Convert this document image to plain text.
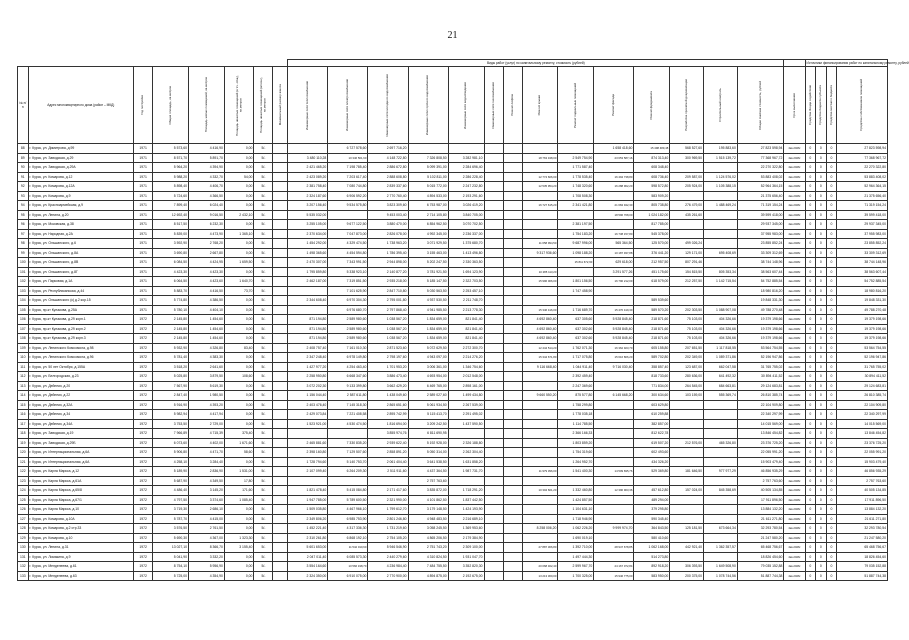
21
								Виды работ (услуг) по капитальному ремонту, стоимость (рублей)															Источники финансирования работ по капитальному ремонту, рублей			
№ п/п	Адрес многоквартирного дома (район – МКД)	Год постройки	Общая площадь, кв.метров	Площадь жилых помещений, кв.метров	Площадь нежилых помещений (в т.ч. общ.), кв.метров	Площадь нежилых помещений (вспом.), кв.метров	Минимальный размер взноса	Инженерные сети теплоснабжения	Инженерные сети электроснабжения	Инженерные сети холодного водоснабжения	Инженерные сети горячего водоснабжения	Инженерные сети водоотведения	Инженерные сети газоснабжения	Ремонт лифтов	Ремонт крыши	Ремонт подвальных помещений	Ремонт фасада	Ремонт фундамента	Разработка проектной документации	Строительный контроль	Общая сметная стоимость, рублей	Срок выполнения	Средства Фонда содействия	Средства бюджета субъекта	Средства местного бюджета	Средства собственников помещений

88	г. Курск, ул. Димитрова, д.99	1971	5 573,60	4 416,90	0,00	5/-			6 727 578,60	2 697 716,20							1 658 418,60	15 498 489,48	568 527,60	195 883,60	27 823 598,94	4кв.2026г	0	0	0	27 823 598,94
89	г. Курск, ул. Заводская, д.29	1971	8 571,70	5 891,70	0,00	5/-		3 480 110,28	10 346 561,60	4 148 722,80	7 326 808,50	3 282 981,10			18 763 438,00	2 549 754,90	23 653 587,16	874 313,40	300 969,50	1 515 139,72	77 368 967,72	4кв.2026г	0	0	0	77 368 967,72
90	г. Курск, ул. Заводская, д.29А	1971	5 964,20	4 394,90	0,00	5/-		2 421 465,20	7 198 785,40	2 886 672,80	5 099 391,00	2 284 696,40				1 771 587,40		608 348,40			22 270 322,80	4кв.2026г	0	0	0	22 270 322,80
91	г. Курск, ул. Комарова, д.12	1971	5 988,20	4 332,70	54,00	5/-		2 423 089,20	7 203 617,40	2 888 608,80	5 102 811,00	2 286 228,40			12 774 606,00	1 778 535,40	16 494 738,80	608 736,40	209 587,00	1 124 576,02	53 883 408,02	4кв.2026г	0	0	0	53 883 408,02
92	г. Курск, ул. Комарова, д.12А	1971	5 898,40	4 406,70	0,00	5/-		2 381 758,40	7 080 744,80	2 839 337,60	5 015 772,00	2 247 232,80			12 535 954,20	1 748 320,60	16 288 962,20	598 572,80	205 924,00	1 105 388,15	52 964 364,15	4кв.2026г	0	0	0	52 964 364,15
93	г. Курск, ул. Комарова, д.9	1971	5 724,60	4 366,50	0,00	5/-		2 324 187,60	6 906 592,20	2 770 760,40	4 894 533,00	2 193 291,60				1 708 508,30		583 909,20			21 375 656,40	4кв.2026г	0	0	0	21 375 656,40
94	г. Курск, ул. Красноармейская, д.9	1971	7 899,40	6 024,40	0,00	5/-		3 207 156,40	9 534 575,80	3 823 309,60	6 753 987,00	3 026 419,20			16 727 615,20	2 341 421,80	21 684 942,30	805 738,80	276 479,00	1 488 469,24	71 319 154,24	4кв.2026г	0	0	0	71 319 154,24
95	г. Курск, ул. Ленина, д.20	1971	12 692,40	9 016,50	2 432,10	5/-		5 535 032,00		9 453 003,40	2 714 105,80	3 840 705,00					18 596 768,00	1 024 182,00	435 261,60		39 599 418,00	4кв.2026г	0	0	0	39 599 418,00
96	г. Курск, ул. Моковская, д.38	1971	8 517,50	6 232,30	0,00	5/-		3 255 105,00	9 677 122,50	3 880 470,00	6 854 962,50	3 070 702,50				2 381 197,50		817 785,00			29 937 345,00	4кв.2026г	0	0	0	29 937 345,00
97	г. Курск, ул. Народная, д.2А	1971	5 839,00	4 473,90	1 365,10	5/-		2 370 634,00	7 047 873,00	2 826 078,00	4 992 345,00	2 236 337,00				1 754 183,20	16 738 157,80	545 378,00			37 955 983,00	4кв.2026г	0	0	0	37 955 983,00
98	г. Курск, ул. Ольшанского, д.6	1971	3 592,90	2 768,20	0,00	5/-		1 454 292,00	4 329 474,50	1 738 963,20	3 071 929,50	1 375 680,70			11 658 994,50	9 687 996,00	565 364,50	125 570,00	499 026,24		23 855 852,24	4кв.2026г	0	0	0	23 855 852,24
99	г. Курск, ул. Ольшанского, д.8А	1971	3 690,80	2 667,80	0,00	5/-		1 498 365,60	4 454 594,80	1 786 395,40	3 155 463,00	1 413 496,80			9 317 936,60	1 098 188,20	10 187 937,88	376 441,20	129 171,00	695 408,69	33 309 312,69	4кв.2026г	0	0	0	33 309 312,69
100	г. Курск, ул. Ольшанского, д.8В	1971	6 084,50	4 424,95	1 659,50	5/-		2 470 307,00	7 343 991,50	2 944 898,00	5 202 247,50	2 330 363,50				15 811 672,60	629 618,00	212 957,50	807 291,46		38 744 148,96	4кв.2026г	0	0	0	38 744 148,96
101	г. Курск, ул. Ольшанского, д.8Г	1971	4 423,30	4 423,30	0,00	5/-		1 795 859,80	5 338 923,10	2 140 877,20	3 781 921,50	1 694 123,90			10 285 113,20		3 291 577,26	451 175,60	154 815,50	805 353,34	38 563 607,44	4кв.2026г	0	0	0	38 563 607,44
102	г. Курск, ул. Парковая, д.1А	1971	6 064,50	4 423,60	1 640,70	5/-		2 462 187,00	7 319 851,50	2 935 218,00	5 185 147,50	2 322 703,50			15 996 006,00	1 801 156,50	16 790 212,09	618 579,00	212 257,50	1 142 715,54	54 752 885,54	4кв.2026г	0	0	0	54 752 885,54
103	г. Курск, ул. Республиканская, д.44	1971	5 883,70	4 416,50	73,70	5/-			7 101 625,90	2 847 710,80	5 030 563,50	2 253 457,10				1 747 458,90					18 980 816,20	4кв.2026г	0	0	0	18 980 816,20
104	г. Курск, ул. Ольшанского (к) д.2 кор.15	1971	5 774,80	4 386,50	0,00	5/-		2 344 608,40	6 970 304,30	2 795 001,80	4 937 530,50	2 211 748,70						589 539,60			19 848 331,30	4кв.2026г	0	0	0	19 848 331,30
105	г. Курск, пр-кт Кулакова, д.25А	1971	5 780,10	4 404,10	0,00	5/-			6 976 680,70	2 797 868,40	4 941 985,50	2 213 778,30			15 346 416,00	1 716 689,70	15 470 419,30	589 570,20	202 303,50	1 088 907,08	49 788 270,48	4кв.2026г	0	0	0	49 788 270,48
106	г. Курск, пр-кт Кулакова, д.29 корп.1	1972	2 145,80	1 454,60	0,00	5/-		871 194,80	2 589 980,60	1 038 567,20	1 834 659,00	821 841,40			4 692 860,40	637 305,60	5 928 845,40	218 871,60	75 103,00	404 326,66	19 379 198,66	4кв.2026г	0	0	0	19 379 198,66
107	г. Курск, пр-кт Кулакова, д.29 корп.2	1972	2 145,80	1 454,60	0,00	5/-		871 194,80	2 589 980,60	1 038 567,20	1 834 659,00	821 841,40			4 692 860,40	637 302,60	5 928 845,40	218 871,60	75 103,00	404 326,66	19 379 198,66	4кв.2026г	0	0	0	19 379 198,66
108	г. Курск, пр-кт Кулакова, д.29 корп.3	1972	2 145,80	1 454,60	0,00	5/-		871 194,80	2 589 980,60	1 038 567,20	1 834 659,00	821 841,40			4 692 860,40	637 302,60	5 928 845,40	218 871,60	75 103,00	404 326,66	19 379 198,66	4кв.2026г	0	0	0	19 379 198,66
109	г. Курск, ул. Ленинского Комсомола, д.98	1972	5 932,90	4 326,80	83,40	5/-		2 408 757,40	7 161 010,30	2 871 523,60	5 072 629,50	2 272 300,70			12 444 514,20	1 762 071,30	16 362 923,70	605 155,80	207 651,50	1 117 818,55	53 564 754,55	4кв.2026г	0	0	0	53 564 754,55
110	г. Курск, ул. Ленинского Комсомола, д.96	1972	5 781,40	4 383,30	0,00	5/-		2 347 248,40	6 978 149,80	2 798 197,60	4 943 097,00	2 214 276,20			15 344 671,80	1 717 075,80	15 616 806,20	589 702,80	202 349,00	1 089 371,86	52 196 947,86	4кв.2026г	0	0	0	52 196 947,86
111	г. Курск, ул. 50 лет Октября, д.155А	1972	3 518,20	2 641,60	0,00	5/-		1 427 977,20	4 254 463,40	1 701 953,20	3 006 361,00	1 346 754,60			9 116 668,40	1 044 911,40	9 716 030,40	358 857,40	123 687,00	662 047,58	31 765 755,02	4кв.2026г	0	0	0	31 765 755,02
112	г. Курск, ул. Белгородская, д.23	1972	5 025,80	3 879,50	108,60	5/-		2 258 950,80	6 668 347,60	3 886 473,40	4 693 954,00	2 012 548,00				2 392 459,40		818 733,60	280 636,00	641 492,32	30 894 411,52	4кв.2026г	0	0	0	30 894 411,52
113	г. Курск, ул. Дейнеки, д.20	1972	7 567,90	5 619,30	0,00	5/-		3 072 202,30	9 133 399,80	3 662 429,20	6 469 765,00	2 898 161,00				2 247 369,60		771 834,00	264 545,00	684 663,81	29 124 683,81	4кв.2026г	0	0	0	29 124 683,81
114	г. Курск, ул. Дейнеки, д.22	1972	2 847,40	1 980,50	0,00	5/-		1 156 044,40	2 587 611,80	1 438 049,60	2 589 027,60	1 499 434,80			9 660 550,20	875 577,80	6 145 668,20	300 634,60	103 159,00	555 369,74	26 810 385,74	4кв.2026г	0	0	0	26 810 385,74
115	г. Курск, ул. Дейнеки, д.32А	1972	5 916,90	4 393,20	0,00	5/-		2 403 476,40	7 145 318,30	2 865 651,60	5 061 934,50	2 267 539,00				1 758 299,80		603 629,80			22 104 909,80	4кв.2026г	0	0	0	22 104 909,80
116	г. Курск, ул. Дейнеки, д.34	1972	5 982,94	4 417,94	0,00	5/-		2 429 073,84	7 221 408,58	2 895 742,99	5 115 413,70	2 291 495,02				1 778 035,18		610 259,88			22 340 297,99	4кв.2026г	0	0	0	22 340 297,99
117	г. Курск, ул. Дейнеки, д.34А	1972	3 753,50	2 729,00	0,00	5/-		1 523 921,00	4 530 474,50	1 816 694,00	3 209 242,50	1 437 590,50				1 114 785,50		382 857,00			14 015 569,00	4кв.2026г	0	0	0	14 015 569,00
118	г. Курск, ул. Заводская, д.19	1972	7 966,89	4 715,39	375,40	5/-				3 855 974,76	6 811 690,95					2 366 166,33		812 622,78			13 846 454,82	4кв.2026г	0	0	0	13 846 454,82
119	г. Курск, ул. Заводская, д.29Б	1972	6 073,60	4 402,00	1 671,60	5/-		2 465 881,60	7 330 835,20	2 939 622,40	5 192 928,00	2 326 188,80				1 803 859,20		619 507,20	212 576,00	465 326,80	23 376 725,20	4кв.2026г	0	0	0	23 376 725,20
120	г. Курск, ул. Интернациональная, д.6А	1972	5 906,80	4 471,70	58,60	5/-		2 398 160,80	7 129 507,60	2 858 891,20	5 050 314,00	2 262 304,40				1 754 319,60		602 493,60			22 055 991,20	4кв.2026г	0	0	0	22 055 991,20
121	г. Курск, ул. Интернациональная, д.6А	1972	4 258,10	3 284,40	0,00	5/-		1 728 794,60	5 140 753,70	2 061 404,40	3 641 538,50	1 631 858,20				1 264 952,70		434 326,20			15 903 479,40	4кв.2026г	0	0	0	15 903 479,40
122	г. Курск, ул. Карла Маркса, д.12	1972	5 189,90	2 836,90	1 531,00	5/-		2 107 099,40	6 264 209,30	2 511 911,60	4 437 364,50	1 987 731,70			11 979 396,00	1 541 400,30	14 509 695,76	529 369,80	181 646,50	977 977,29	46 856 935,29	4кв.2026г	0	0	0	46 856 935,29
123	г. Курск, ул. Карла Маркса, д.61А	1972	5 687,90	4 349,50	17,80	5/-					2 757 763,60										2 757 763,60	4кв.2026г	0	0	0	2 757 763,60
124	г. Курск, ул. Карла Маркса, д.65/8	1972	4 486,40	3 145,20	171,60	5/-		1 821 478,40	5 415 084,80	2 171 417,60	3 835 872,00	1 718 291,20			10 304 601,20	1 332 460,80	12 390 903,36	457 612,80	157 024,00	845 358,69	40 505 134,85	4кв.2026г	0	0	0	40 505 134,85
125	г. Курск, ул. Карла Маркса, д.67/1	1972	4 797,50	3 374,60	1 085,40	5/-		1 947 785,00	5 789 600,50	2 321 990,00	4 101 862,50	1 837 442,50				1 424 857,50		489 294,00			17 911 896,50	4кв.2026г	0	0	0	17 911 896,50
126	г. Курск, ул. Карла Маркса, д.10	1972	3 719,30	2 686,10	0,00	5/-		1 509 035,80	4 467 966,10	1 799 612,70	3 179 148,50	1 424 193,90				1 104 631,10		379 295,80			13 884 132,20	4кв.2026г	0	0	0	13 884 132,20
127	г. Курск, ул. Комарова, д.10А	1972	5 787,70	4 415,00	0,00	5/-		2 349 806,20	6 985 753,90	2 801 246,80	4 948 483,50	2 216 689,10				1 718 946,90		590 345,40			21 611 271,80	4кв.2026г	0	0	0	21 611 271,80
128	г. Курск, ул. Комарова, д.2 стр.33	1972	3 576,50	2 761,50	0,00	5/-		1 452 221,40	4 317 336,30	1 731 219,60	3 058 245,50	1 369 953,60			8 258 006,20	1 062 226,20	9 999 974,70	364 843,50	125 181,50	673 664,34	32 293 780,54	4кв.2026г	0	0	0	32 293 780,54
129	г. Курск, ул. Комарова, д.10	1972	5 690,30	4 367,00	1 323,30	5/-		2 310 261,80	6 868 192,10	2 754 105,20	4 865 206,50	2 179 384,90				1 690 019,10		580 410,60			21 247 580,20	4кв.2026г	0	0	0	21 247 580,20
130	г. Курск, ул. Ленина, д.31	1972	13 027,10	8 366,70	3 155,40	5/-		5 601 653,00	11 542 010,60	5 946 546,90	2 751 743,20	2 309 100,00			27 887 306,80	1 392 710,00	28 947 678,85	1 062 168,00	442 921,40	1 362 357,57	65 468 756,67	4кв.2026г	0	0	0	65 468 756,67
131	г. Курск, ул. Ломакина, д.9	1972	5 041,90	3 332,20	0,00	5/-		2 047 011,40	6 085 573,30	2 440 279,60	4 310 824,50	1 931 047,70				1 497 444,30		514 273,80			18 826 454,60	4кв.2026г	0	0	0	18 826 454,60
132	г. Курск, ул. Менделеева, д.61	1972	8 754,10	5 956,90	0,00	5/-		3 554 164,60	10 566 198,70	4 236 984,40	7 484 755,50	3 352 820,30			20 068 462,40	2 599 967,70	24 167 072,84	892 918,20	306 393,50	1 649 508,90	79 035 152,88	4кв.2026г	0	0	0	79 035 152,88
133	г. Курск, ул. Менделеева, д.63	1972	5 725,00	4 354,90	0,00	5/-		2 324 350,00	6 910 075,00	2 770 900,00	4 894 875,00	2 192 675,00			13 213 300,00	1 700 325,00	15 946 775,00	583 950,00	200 375,00	1 078 744,56	51 887 744,38	4кв.2026г	0	0	0	51 887 744,38
